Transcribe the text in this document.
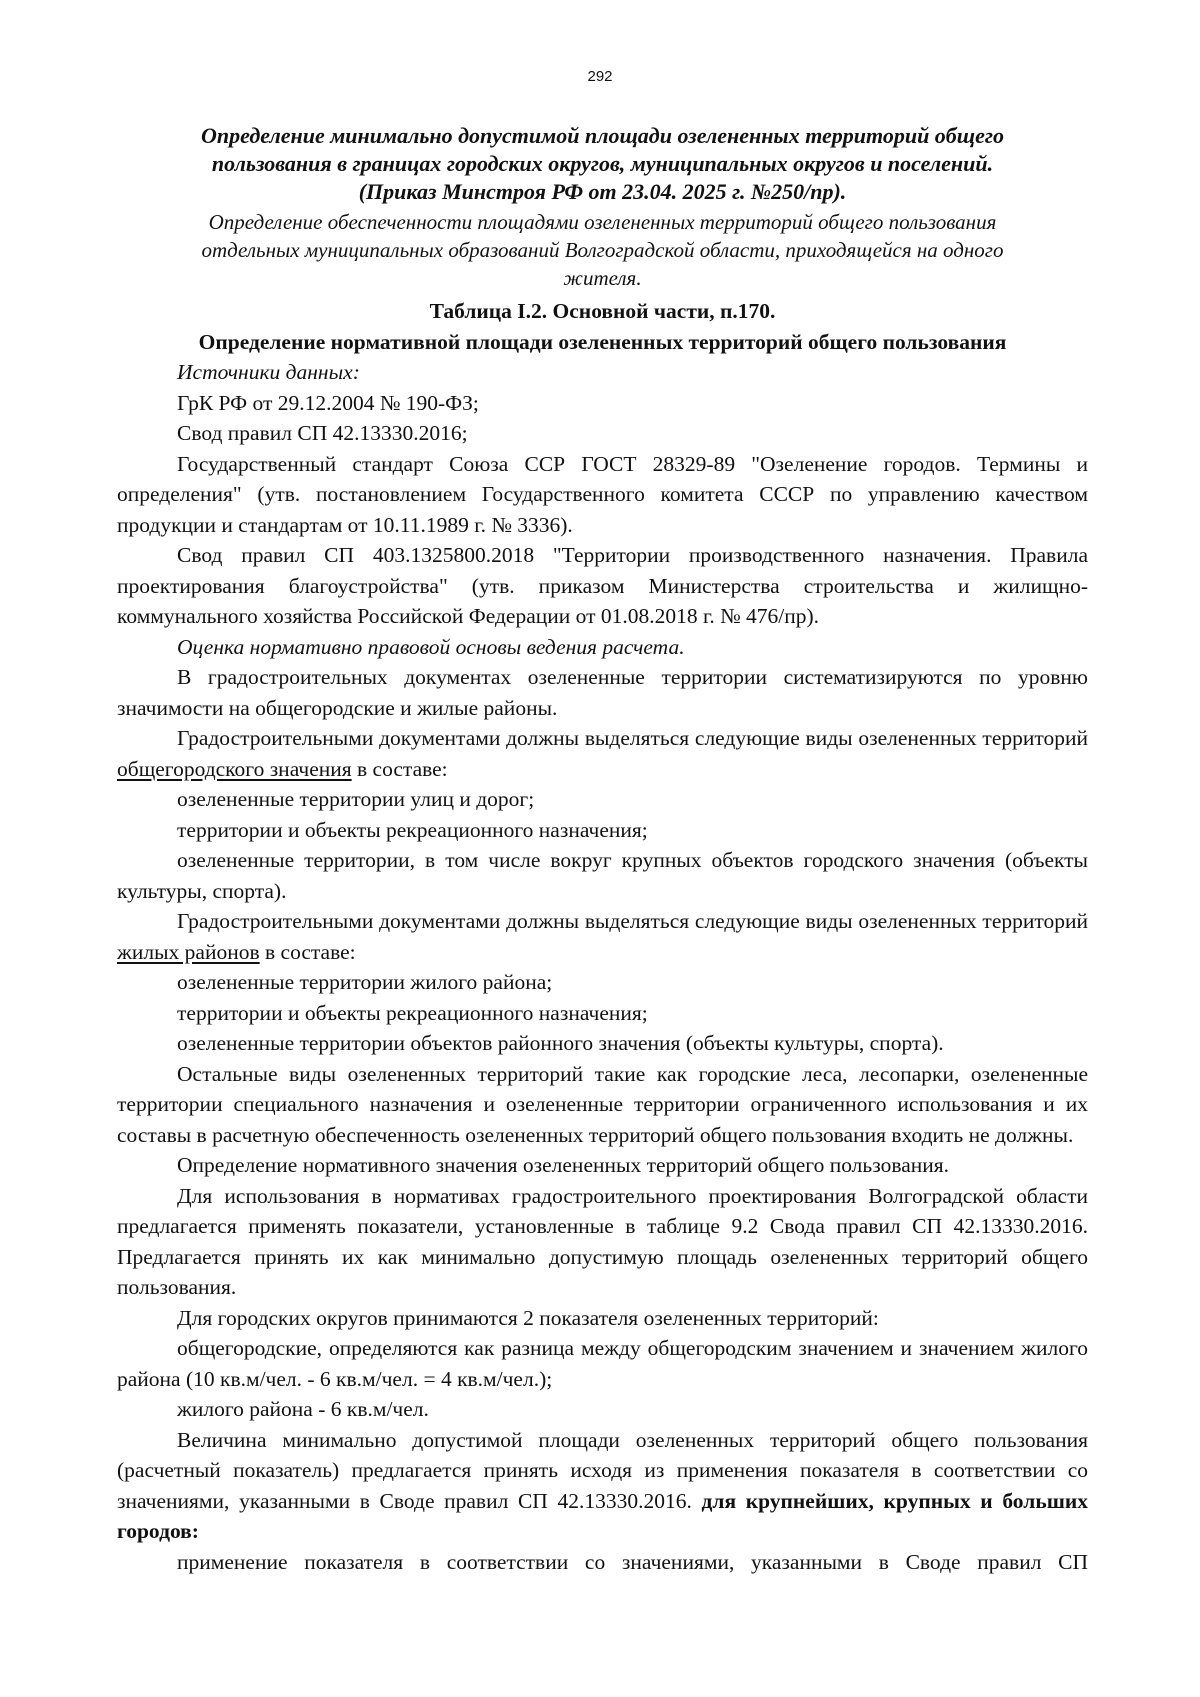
292
Определение минимально допустимой площади озелененных территорий общего
пользования в границах городских округов, муниципальных округов и поселений.
(Приказ Минстроя РФ от 23.04. 2025 г. №250/пр).
Определение обеспеченности площадями озелененных территорий общего пользования
отдельных муниципальных образований Волгоградской области, приходящейся на одного
жителя.

Таблица I.2. Основной части, п.170.

Определение нормативной площади озелененных территорий общего пользования

Источники данных:

ГрК РФ от 29.12.2004 № 190-ФЗ;

Свод правил СП 42.13330.2016;

Государственный стандарт Союза ССР ГОСТ 28329-89 "Озеленение городов. Термины и определения" (утв. постановлением Государственного комитета СССР по управлению качеством продукции и стандартам от 10.11.1989 г. № 3336).

Свод правил СП 403.1325800.2018 "Территории производственного назначения. Правила проектирования благоустройства" (утв. приказом Министерства строительства и жилищно-коммунального хозяйства Российской Федерации от 01.08.2018 г. № 476/пр).

Оценка нормативно правовой основы ведения расчета.

В градостроительных документах озелененные территории систематизируются по уровню значимости на общегородские и жилые районы.

Градостроительными документами должны выделяться следующие виды озелененных территорий общегородского значения в составе:

озелененные территории улиц и дорог;

территории и объекты рекреационного назначения;

озелененные территории, в том числе вокруг крупных объектов городского значения (объекты культуры, спорта).

Градостроительными документами должны выделяться следующие виды озелененных территорий жилых районов в составе:

озелененные территории жилого района;

территории и объекты рекреационного назначения;

озелененные территории объектов районного значения (объекты культуры, спорта).

Остальные виды озелененных территорий такие как городские леса, лесопарки, озелененные территории специального назначения и озелененные территории ограниченного использования и их составы в расчетную обеспеченность озелененных территорий общего пользования входить не должны.

Определение нормативного значения озелененных территорий общего пользования.

Для использования в нормативах градостроительного проектирования Волгоградской области предлагается применять показатели, установленные в таблице 9.2 Свода правил СП 42.13330.2016. Предлагается принять их как минимально допустимую площадь озелененных территорий общего пользования.

Для городских округов принимаются 2 показателя озелененных территорий:

общегородские, определяются как разница между общегородским значением и значением жилого района (10 кв.м/чел. - 6 кв.м/чел. = 4 кв.м/чел.);

жилого района - 6 кв.м/чел.

Величина минимально допустимой площади озелененных территорий общего пользования (расчетный показатель) предлагается принять исходя из применения показателя в соответствии со значениями, указанными в Своде правил СП 42.13330.2016. для крупнейших, крупных и больших городов:

применение показателя в соответствии со значениями, указанными в Своде правил СП
